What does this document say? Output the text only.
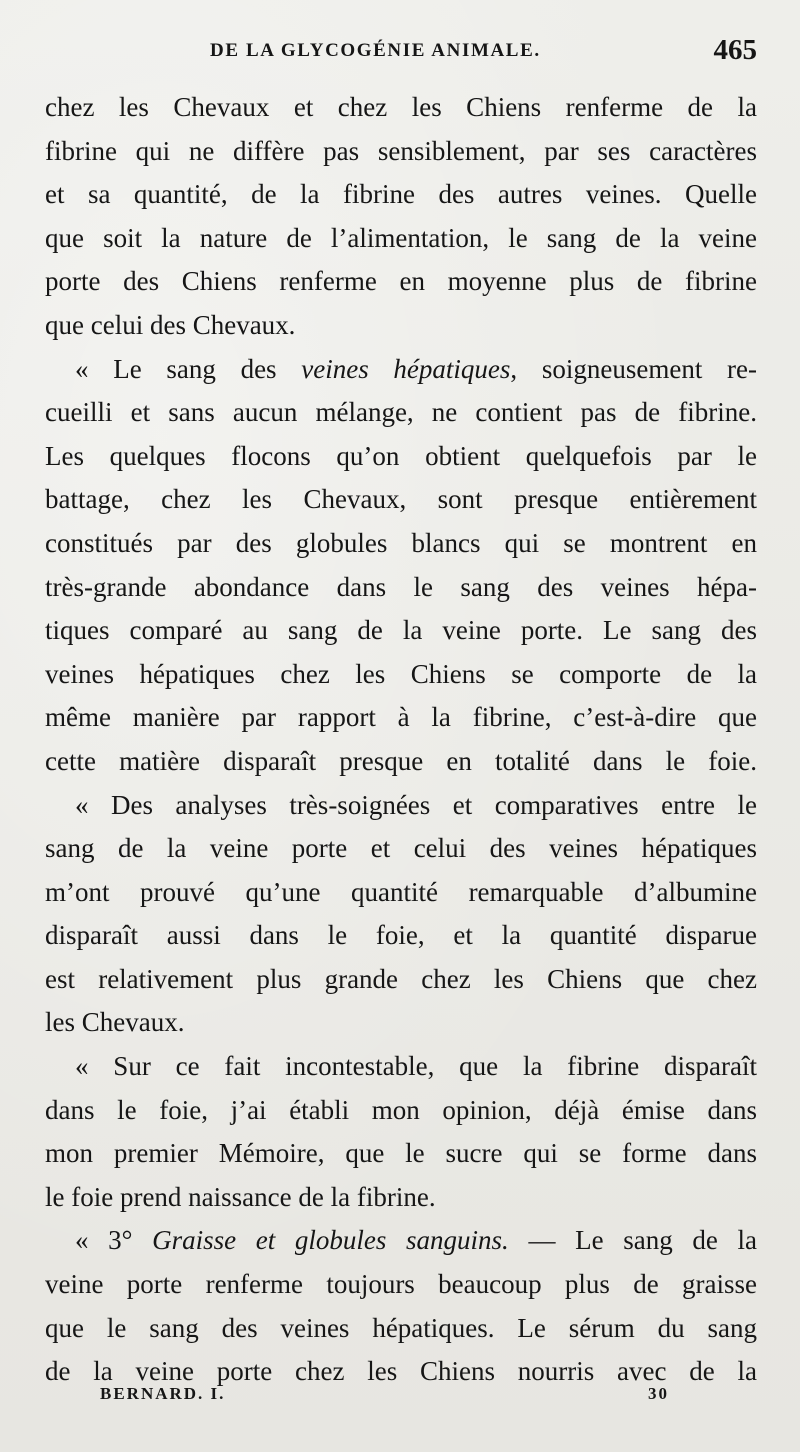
DE LA GLYCOGÉNIE ANIMALE.	465
chez les Chevaux et chez les Chiens renferme de la
fibrine qui ne diffère pas sensiblement, par ses caractères
et sa quantité, de la fibrine des autres veines. Quelle
que soit la nature de l’alimentation, le sang de la veine
porte des Chiens renferme en moyenne plus de fibrine
que celui des Chevaux.
« Le sang des veines hépatiques, soigneusement re-
cueilli et sans aucun mélange, ne contient pas de fibrine.
Les quelques flocons qu’on obtient quelquefois par le
battage, chez les Chevaux, sont presque entièrement
constitués par des globules blancs qui se montrent en
très-grande abondance dans le sang des veines hépa-
tiques comparé au sang de la veine porte. Le sang des
veines hépatiques chez les Chiens se comporte de la
même manière par rapport à la fibrine, c’est-à-dire que
cette matière disparaît presque en totalité dans le foie.
« Des analyses très-soignées et comparatives entre le
sang de la veine porte et celui des veines hépatiques
m’ont prouvé qu’une quantité remarquable d’albumine
disparaît aussi dans le foie, et la quantité disparue
est relativement plus grande chez les Chiens que chez
les Chevaux.
« Sur ce fait incontestable, que la fibrine disparaît
dans le foie, j’ai établi mon opinion, déjà émise dans
mon premier Mémoire, que le sucre qui se forme dans
le foie prend naissance de la fibrine.
« 3° Graisse et globules sanguins. — Le sang de la
veine porte renferme toujours beaucoup plus de graisse
que le sang des veines hépatiques. Le sérum du sang
de la veine porte chez les Chiens nourris avec de la
BERNARD. I.	30
